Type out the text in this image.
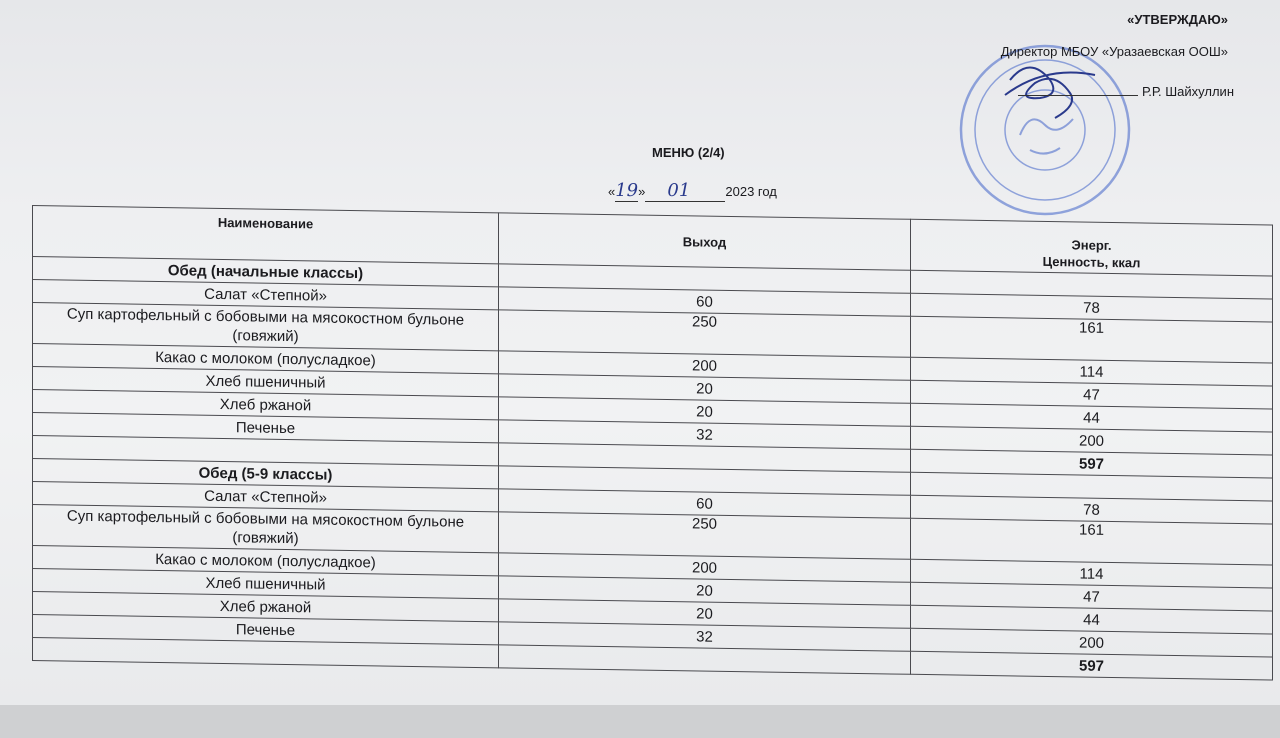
«УТВЕРЖДАЮ»
Директор МБОУ «Уразаевская ООШ»
Р.Р. Шайхуллин
МЕНЮ (2/4)
«19» 01	2023 год
Наименование	Выход	Энерг.
Ценность, ккал
Обед (начальные классы)		
Салат «Степной»	60	78
Суп картофельный с бобовыми на мясокостном бульоне (говяжий)	250	161
Какао с молоком (полусладкое)	200	114
Хлеб пшеничный	20	47
Хлеб ржаной	20	44
Печенье	32	200
		597
Обед (5-9 классы)		
Салат «Степной»	60	78
Суп картофельный с бобовыми на мясокостном бульоне (говяжий)	250	161
Какао с молоком (полусладкое)	200	114
Хлеб пшеничный	20	47
Хлеб ржаной	20	44
Печенье	32	200
		597
